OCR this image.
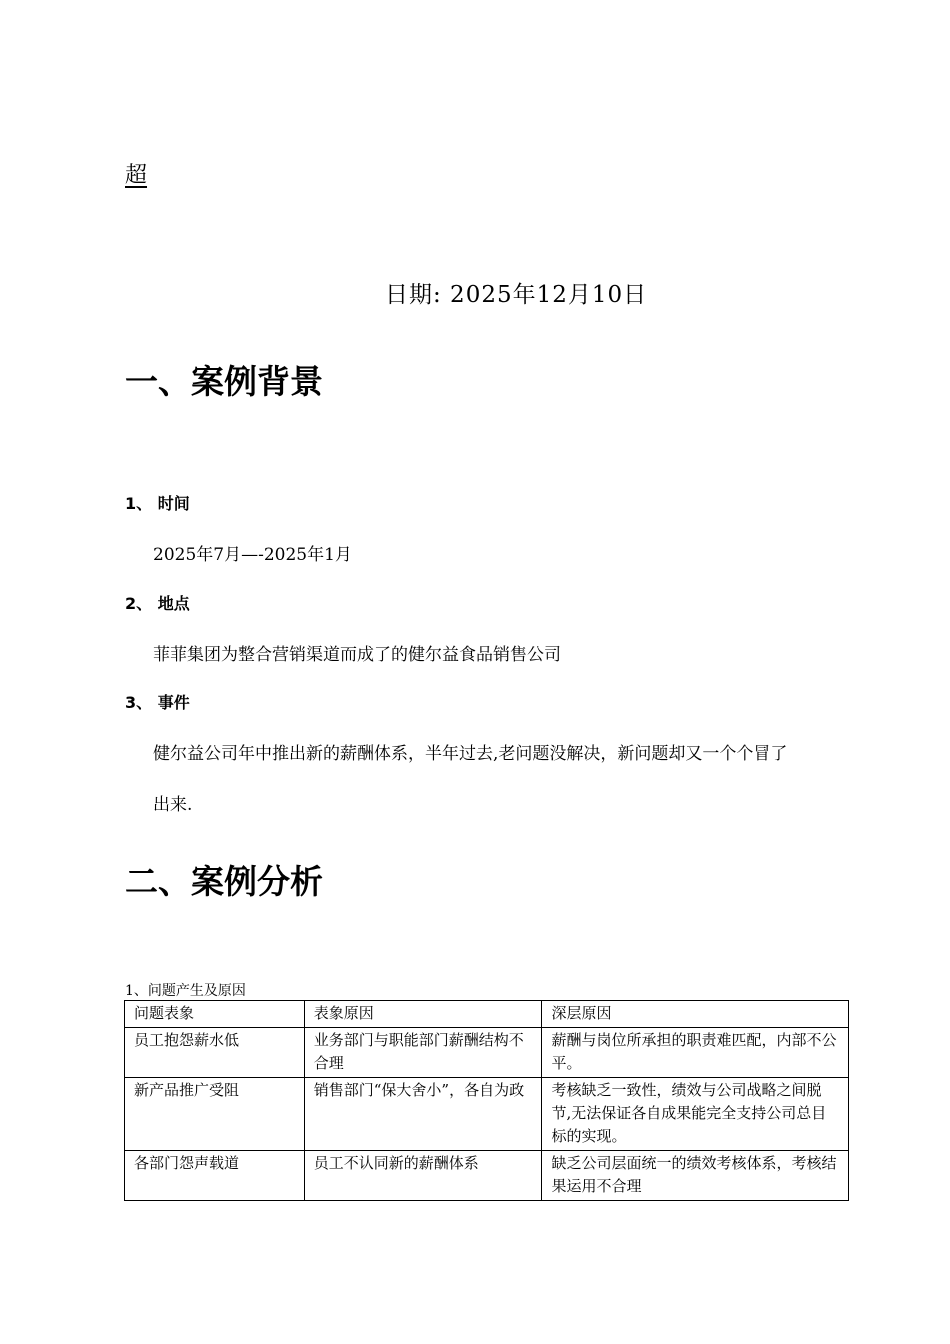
超
日期: 2025年12月10日
一、案例背景
1、 时间
2025年7月—-2025年1月
2、 地点
菲菲集团为整合营销渠道而成了的健尔益食品销售公司
3、 事件
健尔益公司年中推出新的薪酬体系，半年过去,老问题没解决，新问题却又一个个冒了
出来.
二、案例分析
1、问题产生及原因
问题表象	表象原因	深层原因
员工抱怨薪水低	业务部门与职能部门薪酬结构不合理	薪酬与岗位所承担的职责难匹配，内部不公平。
新产品推广受阻	销售部门“保大舍小”，各自为政	考核缺乏一致性，绩效与公司战略之间脱节,无法保证各自成果能完全支持公司总目标的实现。
各部门怨声载道	员工不认同新的薪酬体系	缺乏公司层面统一的绩效考核体系，考核结果运用不合理
